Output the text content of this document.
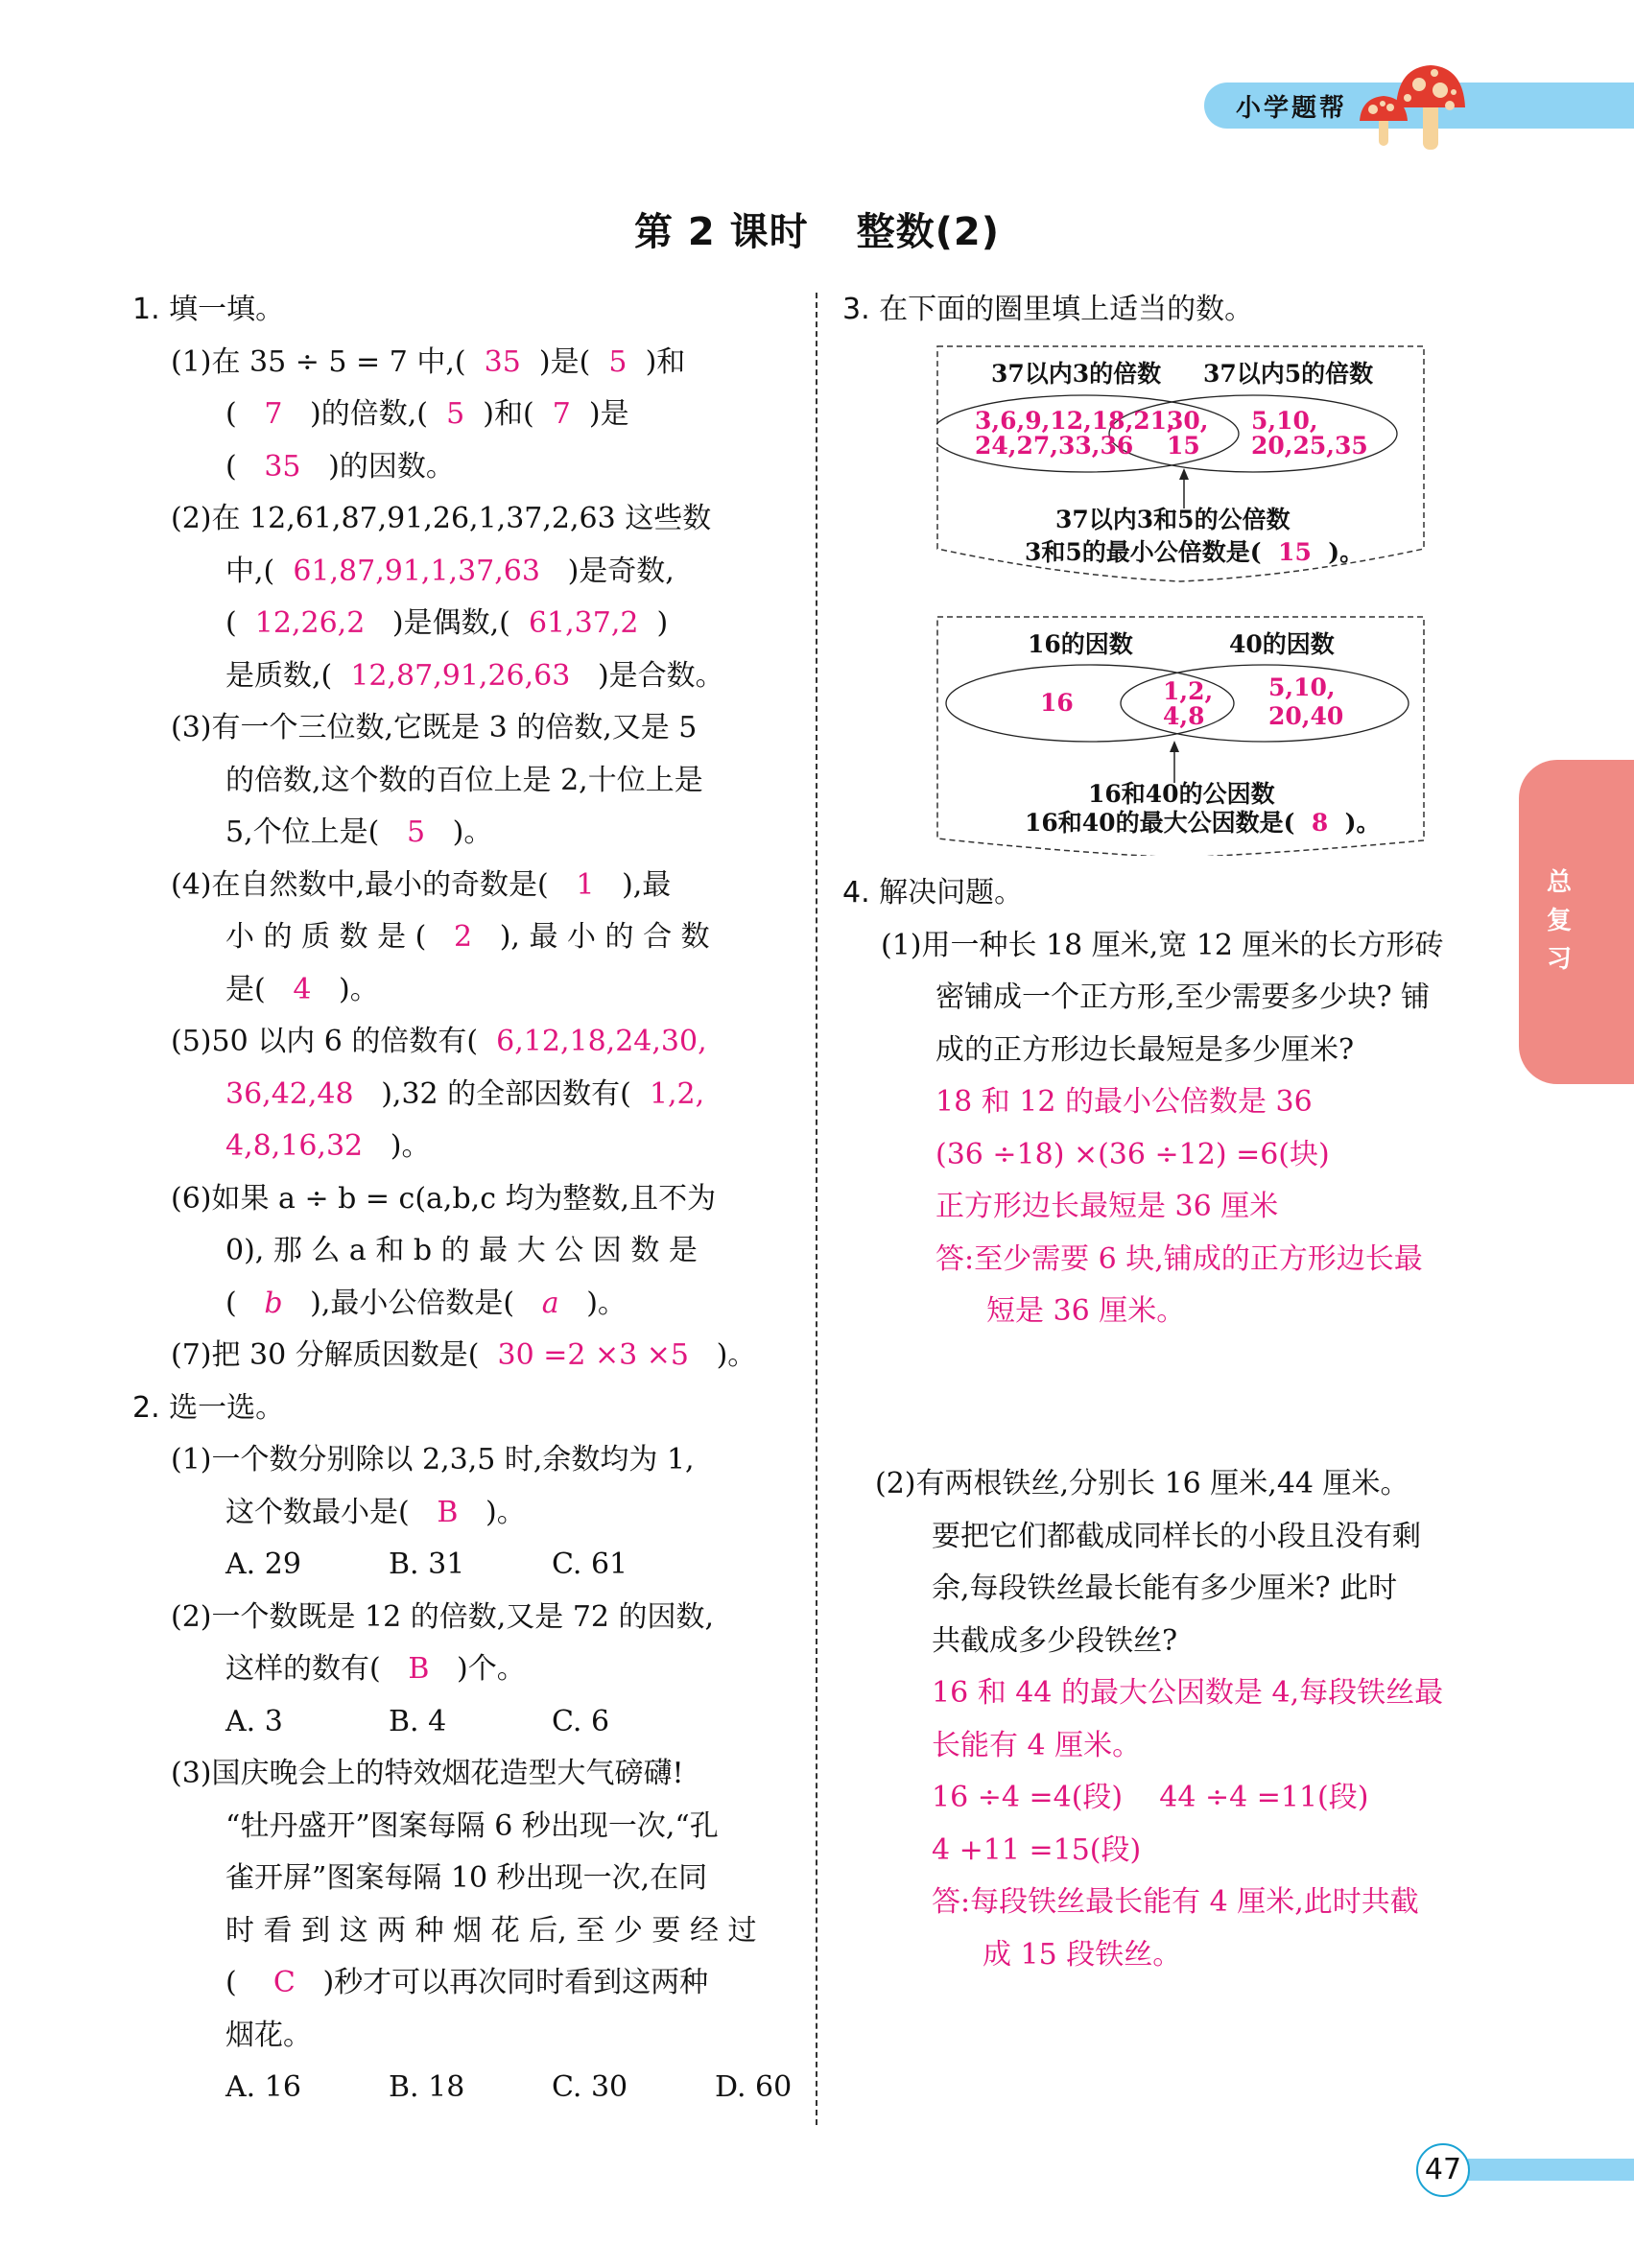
小学题帮
第 2 课时 整数(2)
1. 填一填。
(1)在 35 ÷ 5 = 7 中,( 35 )是( 5 )和
( 7 )的倍数,( 5 )和( 7 )是
( 35 )的因数。
(2)在 12,61,87,91,26,1,37,2,63 这些数
中,( 61,87,91,1,37,63 )是奇数,
( 12,26,2 )是偶数,( 61,37,2 )
是质数,( 12,87,91,26,63 )是合数。
(3)有一个三位数,它既是 3 的倍数,又是 5
的倍数,这个数的百位上是 2,十位上是
5,个位上是( 5 )。
(4)在自然数中,最小的奇数是( 1 ),最
小 的 质 数 是 ( 2 ), 最 小 的 合 数
是( 4 )。
(5)50 以内 6 的倍数有( 6,12,18,24,30,
36,42,48 ),32 的全部因数有( 1,2,
4,8,16,32 )。
(6)如果 a ÷ b = c(a,b,c 均为整数,且不为
0), 那 么 a 和 b 的 最 大 公 因 数 是
( b ),最小公倍数是( a )。
(7)把 30 分解质因数是( 30 =2 ×3 ×5 )。
2. 选一选。
(1)一个数分别除以 2,3,5 时,余数均为 1,
这个数最小是( B )。
A. 29	B. 31	C. 61
(2)一个数既是 12 的倍数,又是 72 的因数,
这样的数有( B )个。
A. 3	B. 4	C. 6
(3)国庆晚会上的特效烟花造型大气磅礴!
“牡丹盛开”图案每隔 6 秒出现一次,“孔
雀开屏”图案每隔 10 秒出现一次,在同
时 看 到 这 两 种 烟 花 后, 至 少 要 经 过
( C )秒才可以再次同时看到这两种
烟花。
A. 16	B. 18	C. 30	D. 60
3. 在下面的圈里填上适当的数。
37以内3的倍数 37以内5的倍数
3,6,9,12,18,21,
24,27,33,36
30,
15
5,10,
20,25,35
37以内3和5的公倍数
3和5的最小公倍数是( 15 )。
16的因数	40的因数
16	1,2,
4,8
5,10,
20,40
16和40的公因数
16和40的最大公因数是( 8 )。
4. 解决问题。
(1)用一种长 18 厘米,宽 12 厘米的长方形砖
密铺成一个正方形,至少需要多少块? 铺
成的正方形边长最短是多少厘米?
18 和 12 的最小公倍数是 36
(36 ÷18) ×(36 ÷12) =6(块)
正方形边长最短是 36 厘米
答:至少需要 6 块,铺成的正方形边长最
短是 36 厘米。
(2)有两根铁丝,分别长 16 厘米,44 厘米。
要把它们都截成同样长的小段且没有剩
余,每段铁丝最长能有多少厘米? 此时
共截成多少段铁丝?
16 和 44 的最大公因数是 4,每段铁丝最
长能有 4 厘米。
16 ÷4 =4(段) 44 ÷4 =11(段)
4 +11 =15(段)
答:每段铁丝最长能有 4 厘米,此时共截
成 15 段铁丝。
总
复
习
47
